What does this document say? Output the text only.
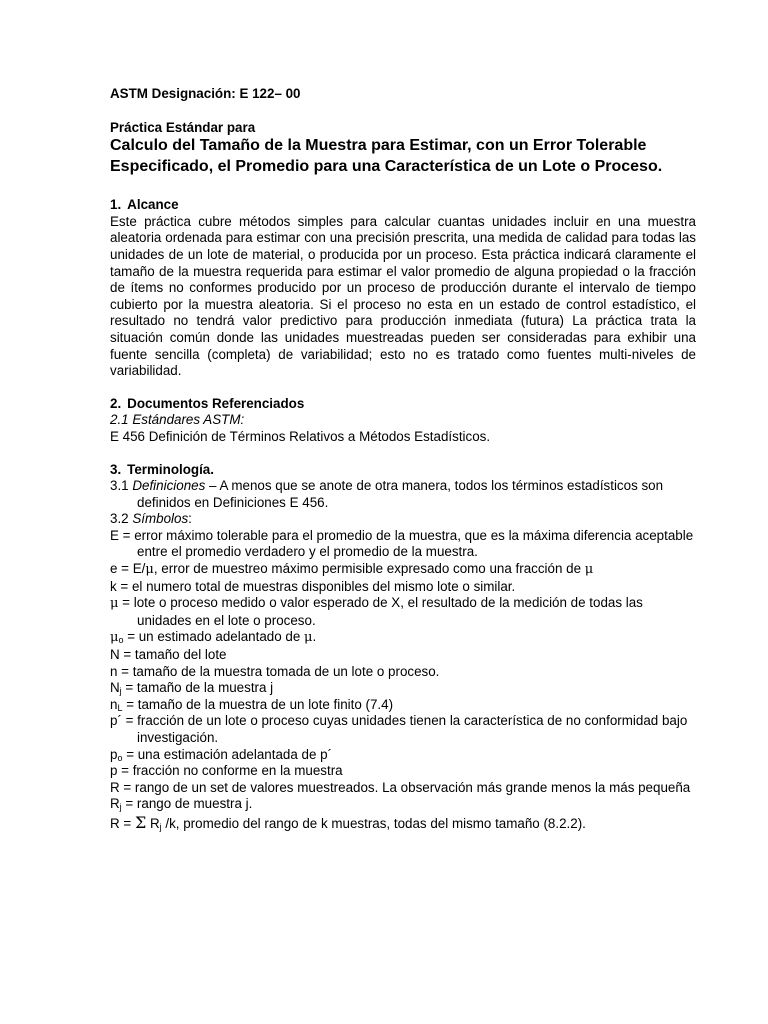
ASTM Designación: E 122– 00

Práctica Estándar para

Calculo del Tamaño de la Muestra para Estimar, con un Error Tolerable Especificado, el Promedio para una Característica de un Lote o Proceso.

1. Alcance

Este práctica cubre métodos simples para calcular cuantas unidades incluir en una muestra aleatoria ordenada para estimar con una precisión prescrita, una medida de calidad para todas las unidades de un lote de material, o producida por un proceso. Esta práctica indicará claramente el tamaño de la muestra requerida para estimar el valor promedio de alguna propiedad o la fracción de ítems no conformes producido por un proceso de producción durante el intervalo de tiempo cubierto por la muestra aleatoria. Si el proceso no esta en un estado de control estadístico, el resultado no tendrá valor predictivo para producción inmediata (futura) La práctica trata la situación común donde las unidades muestreadas pueden ser consideradas para exhibir una fuente sencilla (completa) de variabilidad; esto no es tratado como fuentes multi-niveles de variabilidad.

2. Documentos Referenciados

2.1 Estándares ASTM:

E 456 Definición de Términos Relativos a Métodos Estadísticos.

3. Terminología.

3.1 Definiciones – A menos que se anote de otra manera, todos los términos estadísticos son definidos en Definiciones E 456.

3.2 Símbolos:

E = error máximo tolerable para el promedio de la muestra, que es la máxima diferencia aceptable entre el promedio verdadero y el promedio de la muestra.

e = E/μ, error de muestreo máximo permisible expresado como una fracción de μ

k = el numero total de muestras disponibles del mismo lote o similar.

μ = lote o proceso medido o valor esperado de X, el resultado de la medición de todas las unidades en el lote o proceso.

$\mu_o$ = un estimado adelantado de μ.

N = tamaño del lote

n = tamaño de la muestra tomada de un lote o proceso.

$N_j$ = tamaño de la muestra j

$n_L$ = tamaño de la muestra de un lote finito (7.4)

p´ = fracción de un lote o proceso cuyas unidades tienen la característica de no conformidad bajo investigación.

$p_o$ = una estimación adelantada de p´

p = fracción no conforme en la muestra

R = rango de un set de valores muestreados. La observación más grande menos la más pequeña

$R_j$ = rango de muestra j.

R = Σ $R_j$ /k, promedio del rango de k muestras, todas del mismo tamaño (8.2.2).
